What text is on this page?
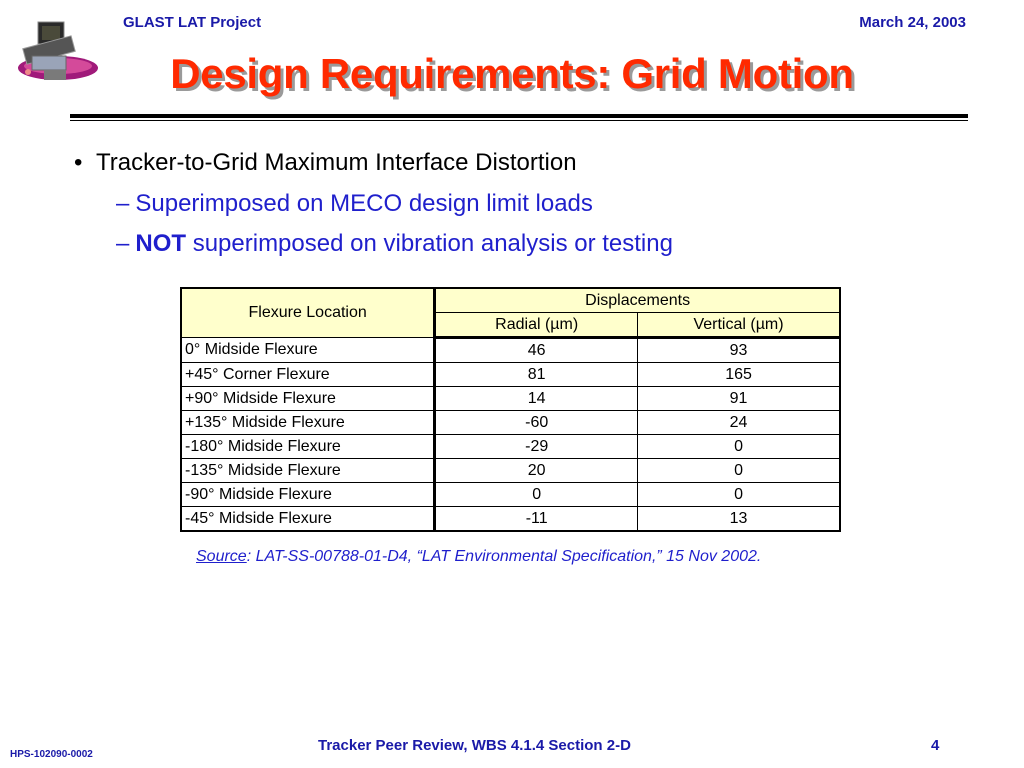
GLAST LAT Project	March 24, 2003
Design Requirements: Grid Motion
• Tracker-to-Grid Maximum Interface Distortion
– Superimposed on MECO design limit loads
– NOT superimposed on vibration analysis or testing
Flexure Location	Displacements	
	Radial (µm)	Vertical (µm)
0° Midside Flexure	46	93
+45° Corner Flexure	81	165
+90° Midside Flexure	14	91
+135° Midside Flexure	-60	24
-180° Midside Flexure	-29	0
-135° Midside Flexure	20	0
-90° Midside Flexure	0	0
-45° Midside Flexure	-11	13
Source: LAT-SS-00788-01-D4, “LAT Environmental Specification,” 15 Nov 2002.
Tracker Peer Review, WBS 4.1.4 Section 2-D	4
HPS-102090-0002
